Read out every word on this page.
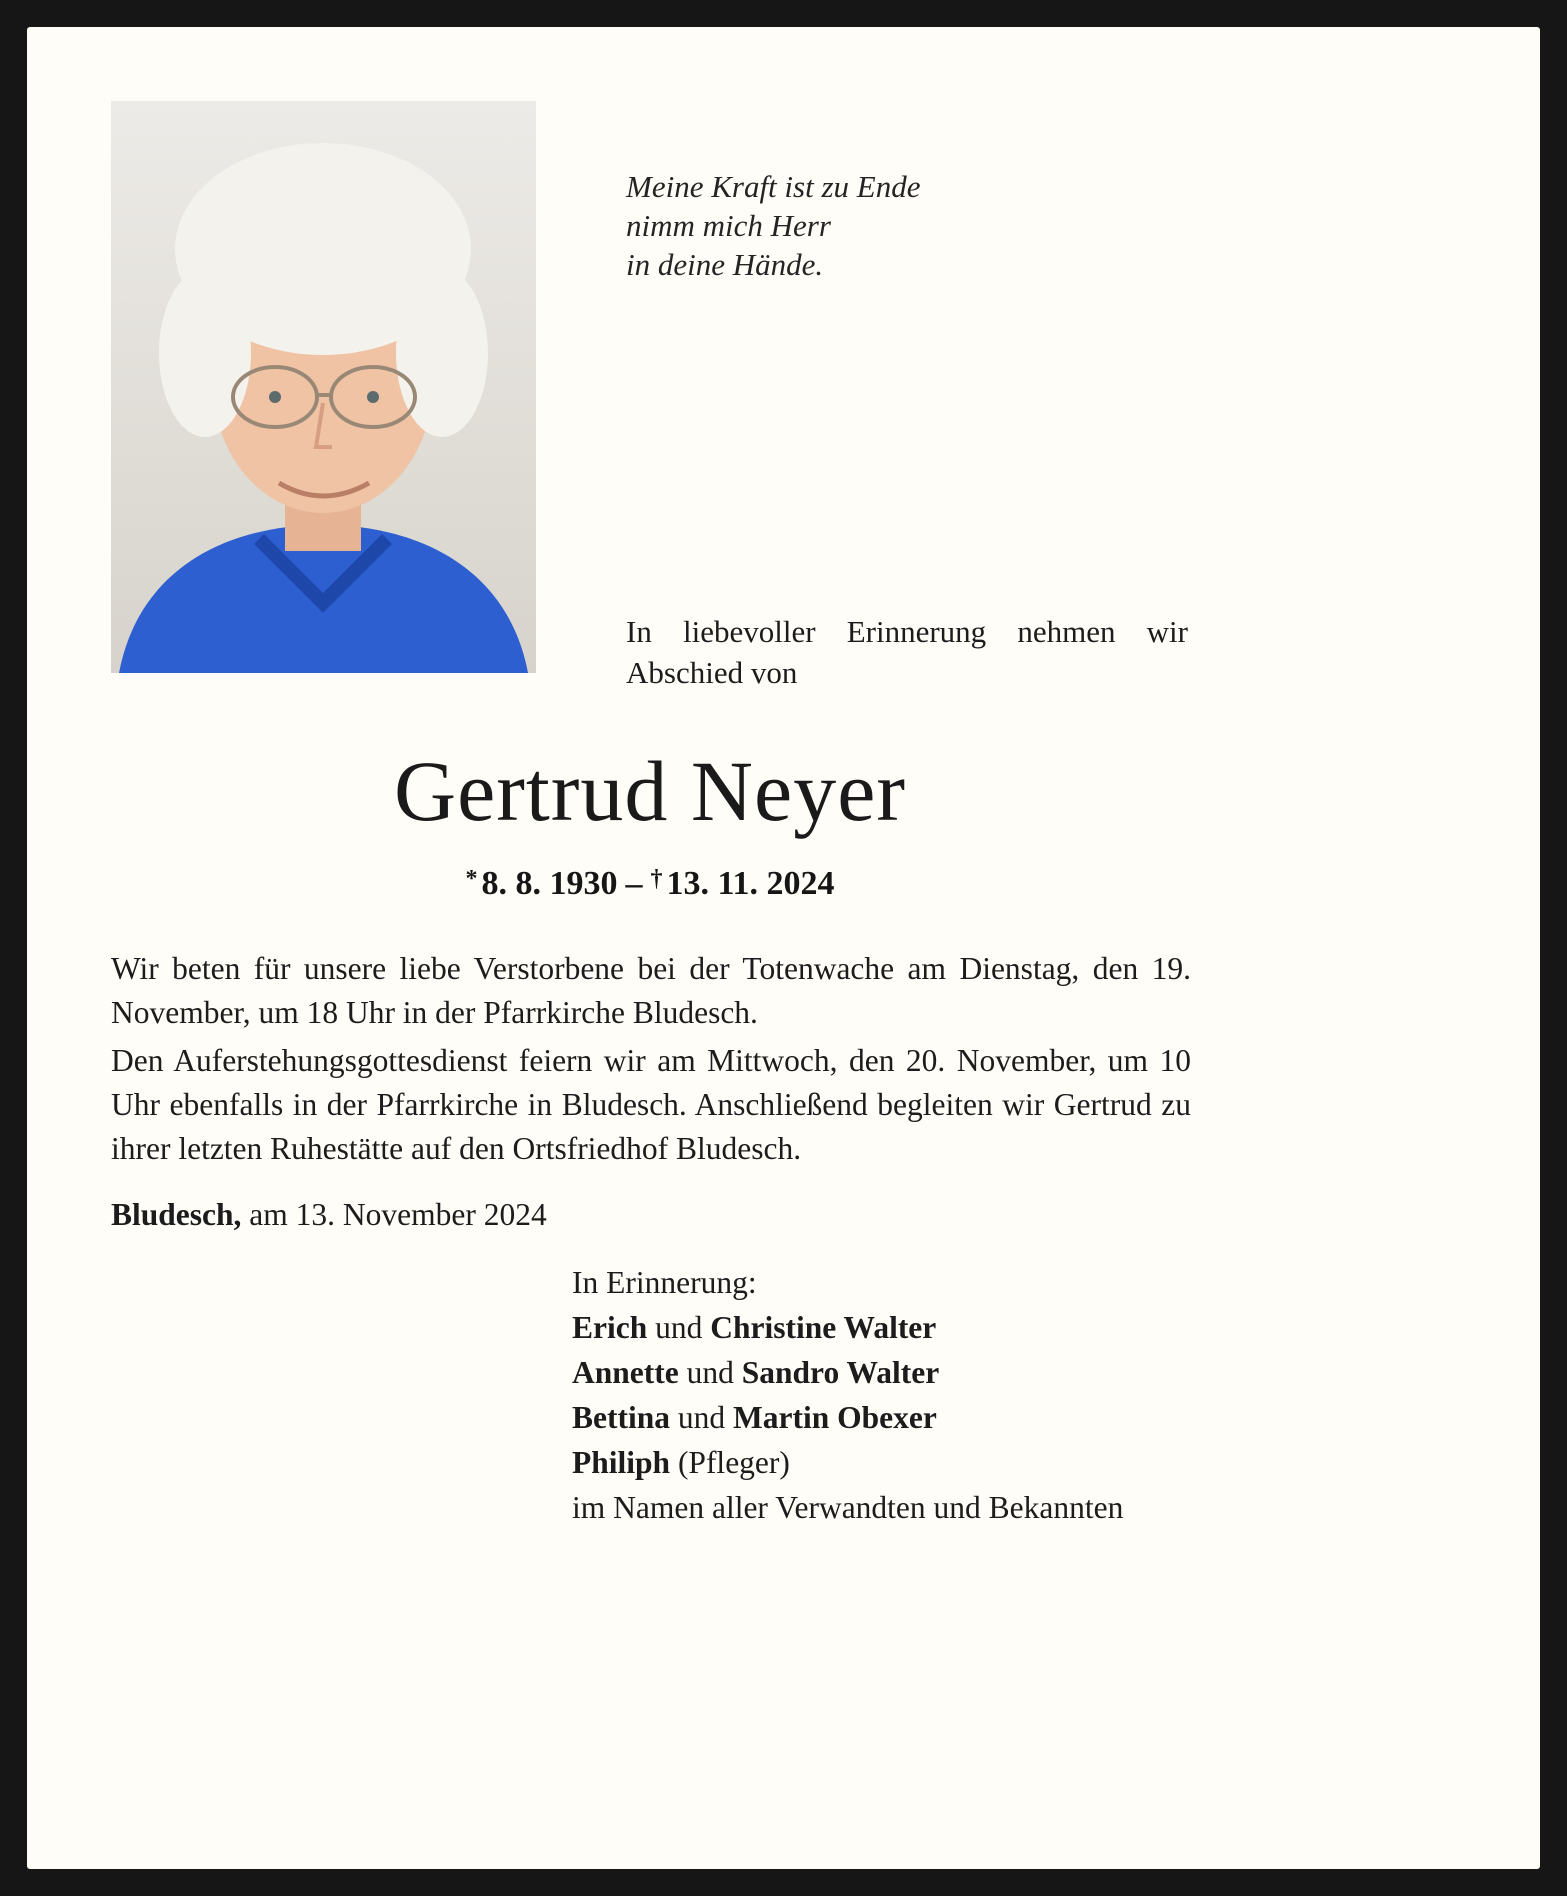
Meine Kraft ist zu Ende
nimm mich Herr
in deine Hände.
In liebevoller Erinnerung nehmen wir Abschied von
Gertrud Neyer
* 8. 8. 1930 – † 13. 11. 2024
Wir beten für unsere liebe Verstorbene bei der Totenwache am Dienstag, den 19. November, um 18 Uhr in der Pfarrkirche Bludesch.
Den Auferstehungsgottesdienst feiern wir am Mittwoch, den 20. November, um 10 Uhr ebenfalls in der Pfarrkirche in Bludesch. Anschließend begleiten wir Gertrud zu ihrer letzten Ruhestätte auf den Ortsfriedhof Bludesch.
Bludesch, am 13. November 2024
In Erinnerung:
Erich und Christine Walter
Annette und Sandro Walter
Bettina und Martin Obexer
Philiph (Pfleger)
im Namen aller Verwandten und Bekannten
